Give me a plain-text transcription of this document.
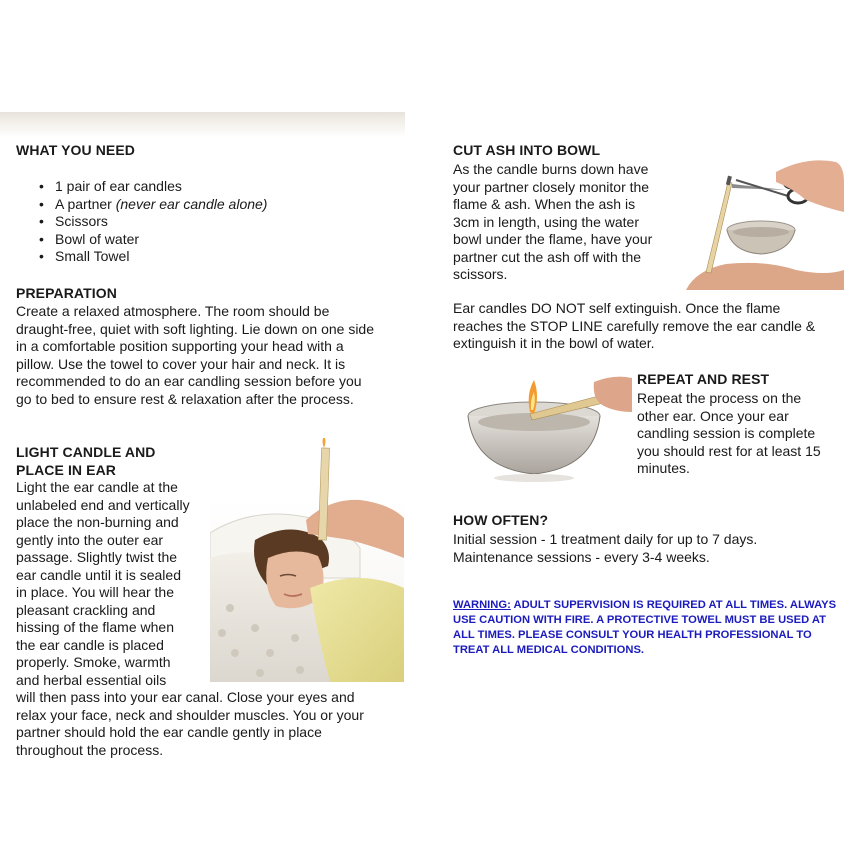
WHAT YOU NEED
• 1 pair of ear candles
• A partner (never ear candle alone)
• Scissors
• Bowl of water
• Small Towel
PREPARATION
Create a relaxed atmosphere. The room should be
draught-free, quiet with soft lighting. Lie down on one side
in a comfortable position supporting your head with a
pillow. Use the towel to cover your hair and neck. It is
recommended to do an ear candling session before you
go to bed to ensure rest & relaxation after the process.
LIGHT CANDLE AND
PLACE IN EAR
Light the ear candle at the
unlabeled end and vertically
place the non-burning and
gently into the outer ear
passage. Slightly twist the
ear candle until it is sealed
in place. You will hear the
pleasant crackling and
hissing of the flame when
the ear candle is placed
properly. Smoke, warmth
and herbal essential oils
will then pass into your ear canal. Close your eyes and
relax your face, neck and shoulder muscles. You or your
partner should hold the ear candle gently in place
throughout the process.
CUT ASH INTO BOWL
As the candle burns down have
your partner closely monitor the
flame & ash. When the ash is
3cm in length, using the water
bowl under the flame, have your
partner cut the ash off with the
scissors.
Ear candles DO NOT self extinguish. Once the flame
reaches the STOP LINE carefully remove the ear candle &
extinguish it in the bowl of water.
REPEAT AND REST
Repeat the process on the
other ear. Once your ear
candling session is complete
you should rest for at least 15
minutes.
HOW OFTEN?
Initial session - 1 treatment daily for up to 7 days.
Maintenance sessions - every 3-4 weeks.
WARNING: ADULT SUPERVISION IS REQUIRED AT ALL TIMES. ALWAYS
USE CAUTION WITH FIRE. A PROTECTIVE TOWEL MUST BE USED AT
ALL TIMES. PLEASE CONSULT YOUR HEALTH PROFESSIONAL TO
TREAT ALL MEDICAL CONDITIONS.
